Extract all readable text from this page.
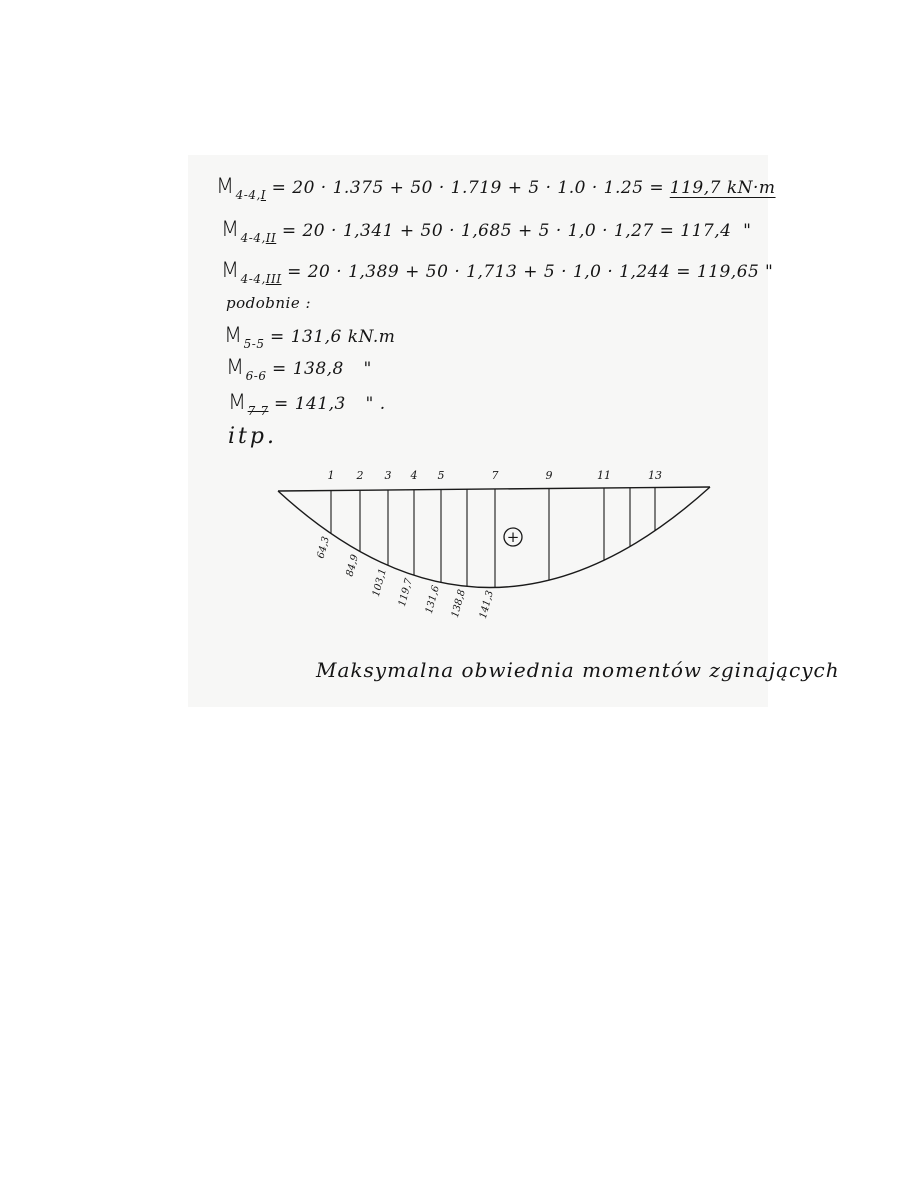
$M_{4-4,I} = 20 \cdot 1.375 + 50 \cdot 1.719 + 5 \cdot 1.0 \cdot 1.25 = 119,7$ kN·m
$M_{4-4,II} = 20 \cdot 1,341 + 50 \cdot 1,685 + 5 \cdot 1,0 \cdot 1,27 = 117,4$ "
$M_{4-4,III} = 20 \cdot 1,389 + 50 \cdot 1,713 + 5 \cdot 1,0 \cdot 1,244 = 119,65$ "
podobnie :
$M_{5-5} = 131,6$ kN.m
$M_{6-6} = 138,8$ "
$M_{7-7} = 141,3$ " .
itp.
1 2 3 4 5	7	9	11	13
64,3
84,9
103,1 119,7 131,6 138,8 141,3
+
Maksymalna obwiednia momentów zginających
